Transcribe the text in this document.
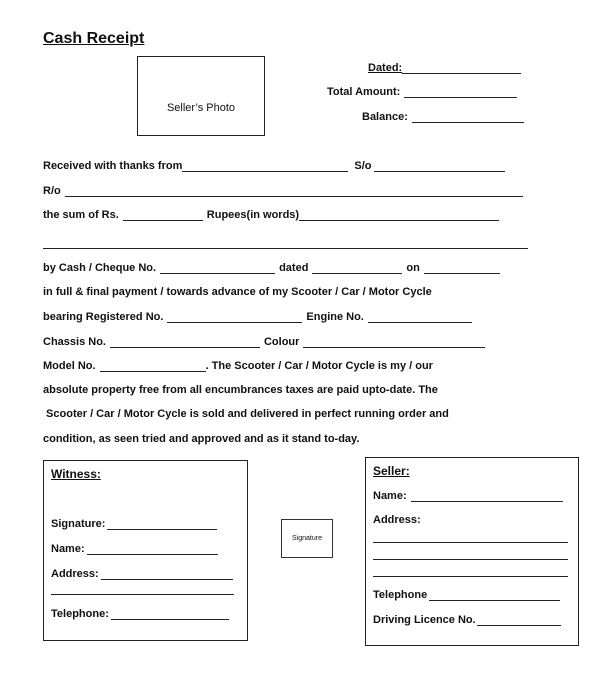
Cash Receipt
Seller’s Photo
Dated:
Total Amount:
Balance:
Received with thanks from	S/o
R/o
the sum of Rs.	Rupees(in words)
by Cash / Cheque No.	dated	on
in full & final payment / towards advance of my Scooter / Car / Motor Cycle
bearing Registered No.	Engine No.
Chassis No.	Colour
Model No.	. The Scooter / Car / Motor Cycle is my / our
absolute property free from all encumbrances taxes are paid upto-date. The
Scooter / Car / Motor Cycle is sold and delivered in perfect running order and
condition, as seen tried and approved and as it stand to-day.
Witness:
Signature:
Name:
Address:
Telephone:
Signature
Seller:
Name:
Address:
Telephone
Driving Licence No.
